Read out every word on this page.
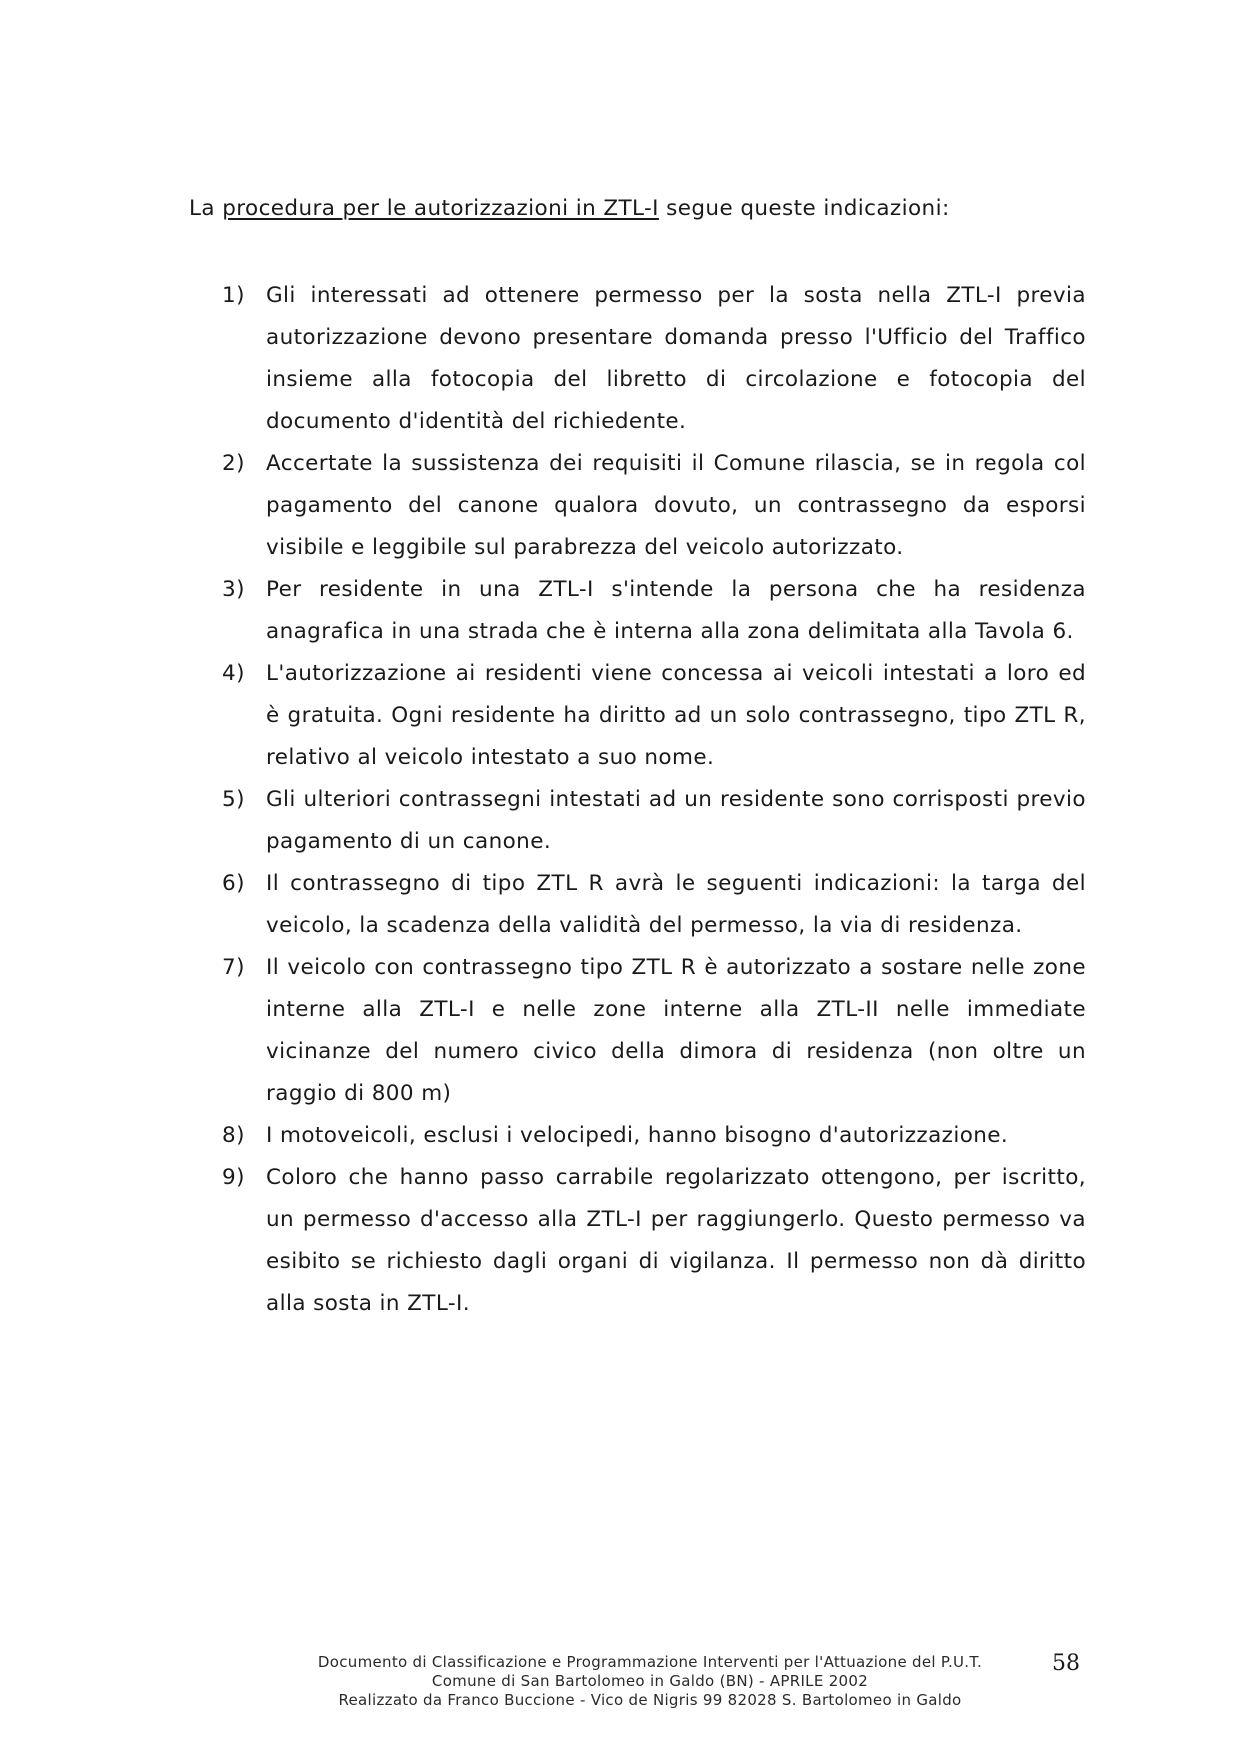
La procedura per le autorizzazioni in ZTL-I segue queste indicazioni:

1) Gli interessati ad ottenere permesso per la sosta nella ZTL-I previa autorizzazione devono presentare domanda presso l'Ufficio del Traffico insieme alla fotocopia del libretto di circolazione e fotocopia del documento d'identità del richiedente.
2) Accertate la sussistenza dei requisiti il Comune rilascia, se in regola col pagamento del canone qualora dovuto, un contrassegno da esporsi visibile e leggibile sul parabrezza del veicolo autorizzato.
3) Per residente in una ZTL-I s'intende la persona che ha residenza anagrafica in una strada che è interna alla zona delimitata alla Tavola 6.
4) L'autorizzazione ai residenti viene concessa ai veicoli intestati a loro ed è gratuita. Ogni residente ha diritto ad un solo contrassegno, tipo ZTL R, relativo al veicolo intestato a suo nome.
5) Gli ulteriori contrassegni intestati ad un residente sono corrisposti previo pagamento di un canone.
6) Il contrassegno di tipo ZTL R avrà le seguenti indicazioni: la targa del veicolo, la scadenza della validità del permesso, la via di residenza.
7) Il veicolo con contrassegno tipo ZTL R è autorizzato a sostare nelle zone interne alla ZTL-I e nelle zone interne alla ZTL-II nelle immediate vicinanze del numero civico della dimora di residenza (non oltre un raggio di 800 m)
8) I motoveicoli, esclusi i velocipedi, hanno bisogno d'autorizzazione.
9) Coloro che hanno passo carrabile regolarizzato ottengono, per iscritto, un permesso d'accesso alla ZTL-I per raggiungerlo. Questo permesso va esibito se richiesto dagli organi di vigilanza. Il permesso non dà diritto alla sosta in ZTL-I.
Documento di Classificazione e Programmazione Interventi per l'Attuazione del P.U.T.
Comune di San Bartolomeo in Galdo (BN) - APRILE 2002
Realizzato da Franco Buccione - Vico de Nigris 99 82028 S. Bartolomeo in Galdo
58
